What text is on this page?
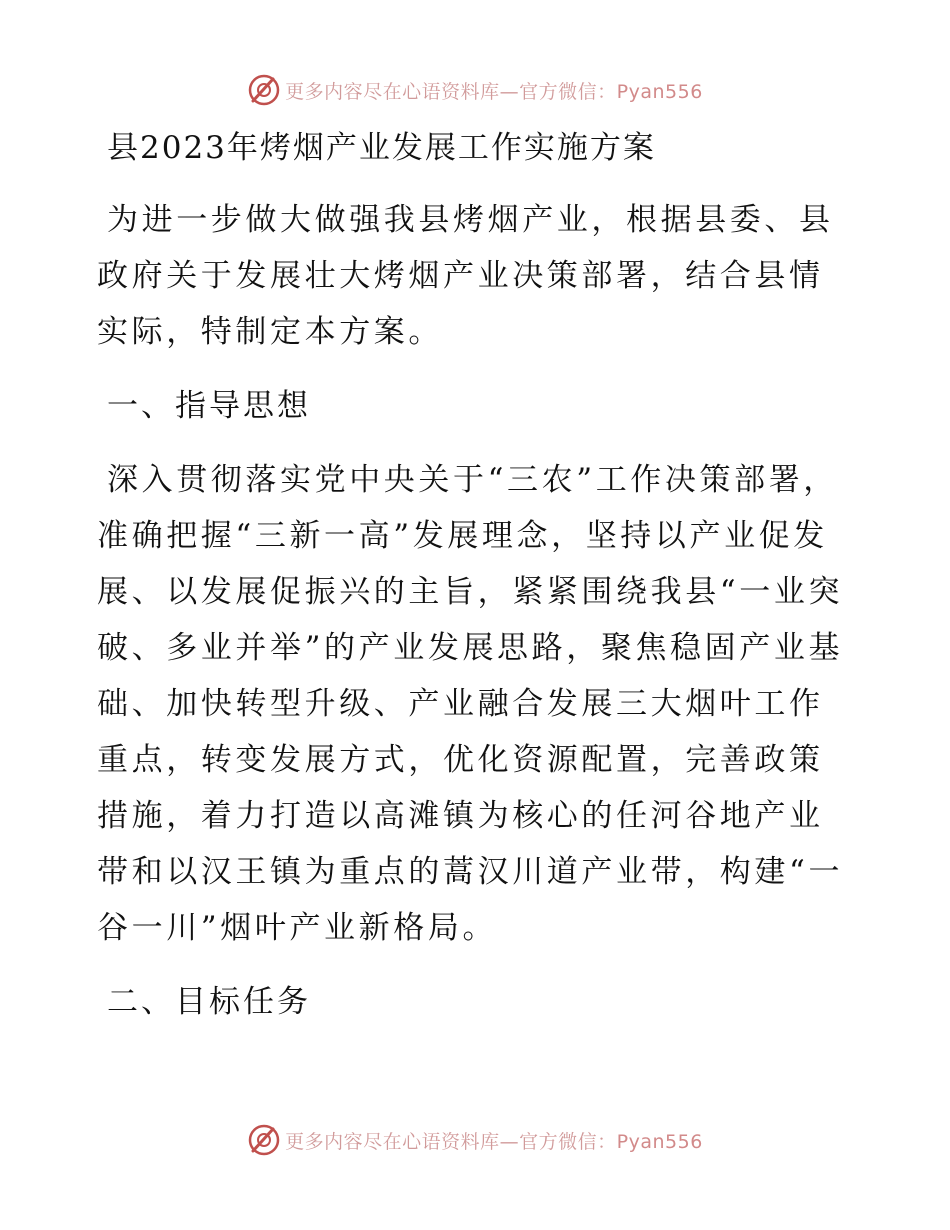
更多内容尽在心语资料库—官方微信：Pyan556
县2023年烤烟产业发展工作实施方案

为进一步做大做强我县烤烟产业，根据县委、县政府关于发展壮大烤烟产业决策部署，结合县情实际，特制定本方案。

一、指导思想

深入贯彻落实党中央关于“三农”工作决策部署，准确把握“三新一高”发展理念，坚持以产业促发展、以发展促振兴的主旨，紧紧围绕我县“一业突破、多业并举”的产业发展思路，聚焦稳固产业基础、加快转型升级、产业融合发展三大烟叶工作重点，转变发展方式，优化资源配置，完善政策措施，着力打造以高滩镇为核心的任河谷地产业带和以汉王镇为重点的蒿汉川道产业带，构建“一谷一川”烟叶产业新格局。

二、目标任务
更多内容尽在心语资料库—官方微信：Pyan556
